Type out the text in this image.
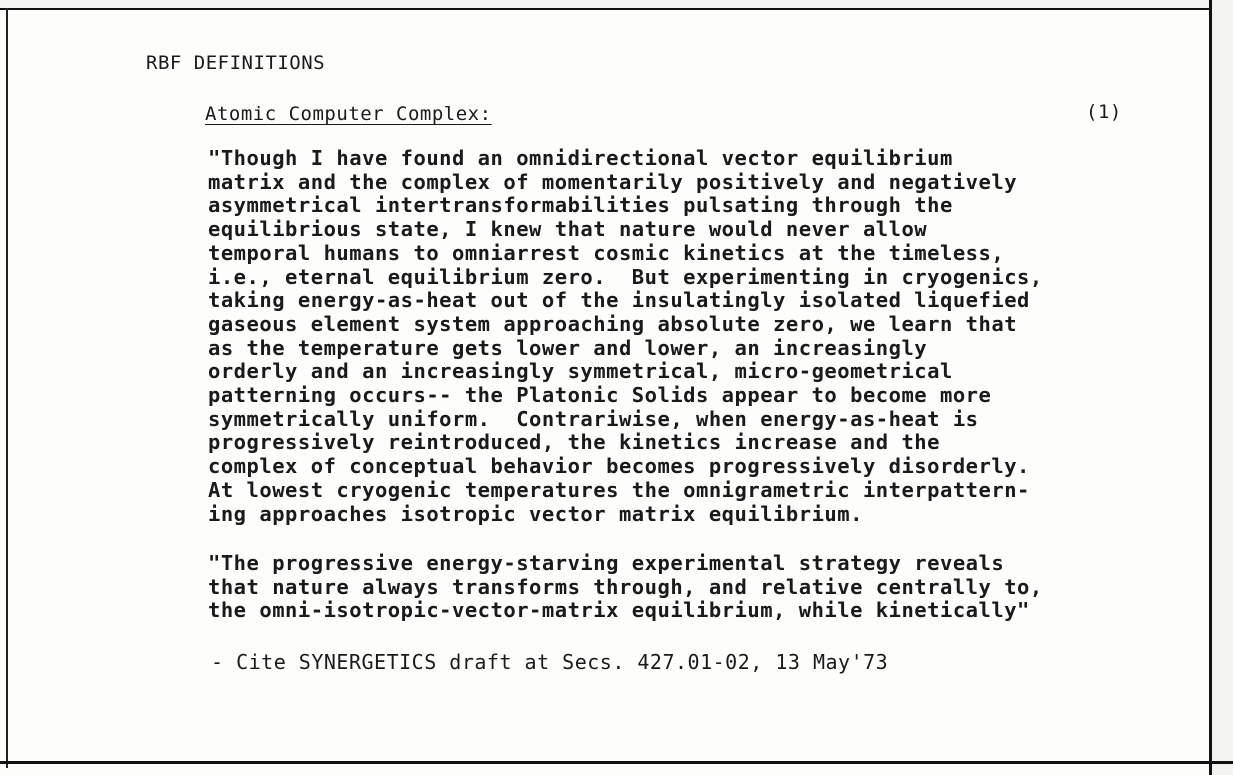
RBF DEFINITIONS
Atomic Computer Complex:	(1)

"Though I have found an omnidirectional vector equilibrium
matrix and the complex of momentarily positively and negatively
asymmetrical intertransformabilities pulsating through the
equilibrious state, I knew that nature would never allow
temporal humans to omniarrest cosmic kinetics at the timeless,
i.e., eternal equilibrium zero.  But experimenting in cryogenics,
taking energy-as-heat out of the insulatingly isolated liquefied
gaseous element system approaching absolute zero, we learn that
as the temperature gets lower and lower, an increasingly
orderly and an increasingly symmetrical, micro-geometrical
patterning occurs-- the Platonic Solids appear to become more
symmetrically uniform.  Contrariwise, when energy-as-heat is
progressively reintroduced, the kinetics increase and the
complex of conceptual behavior becomes progressively disorderly.
At lowest cryogenic temperatures the omnigrametric interpattern-
ing approaches isotropic vector matrix equilibrium.

"The progressive energy-starving experimental strategy reveals
that nature always transforms through, and relative centrally to,
the omni-isotropic-vector-matrix equilibrium, while kinetically"

- Cite SYNERGETICS draft at Secs. 427.01-02, 13 May'73
